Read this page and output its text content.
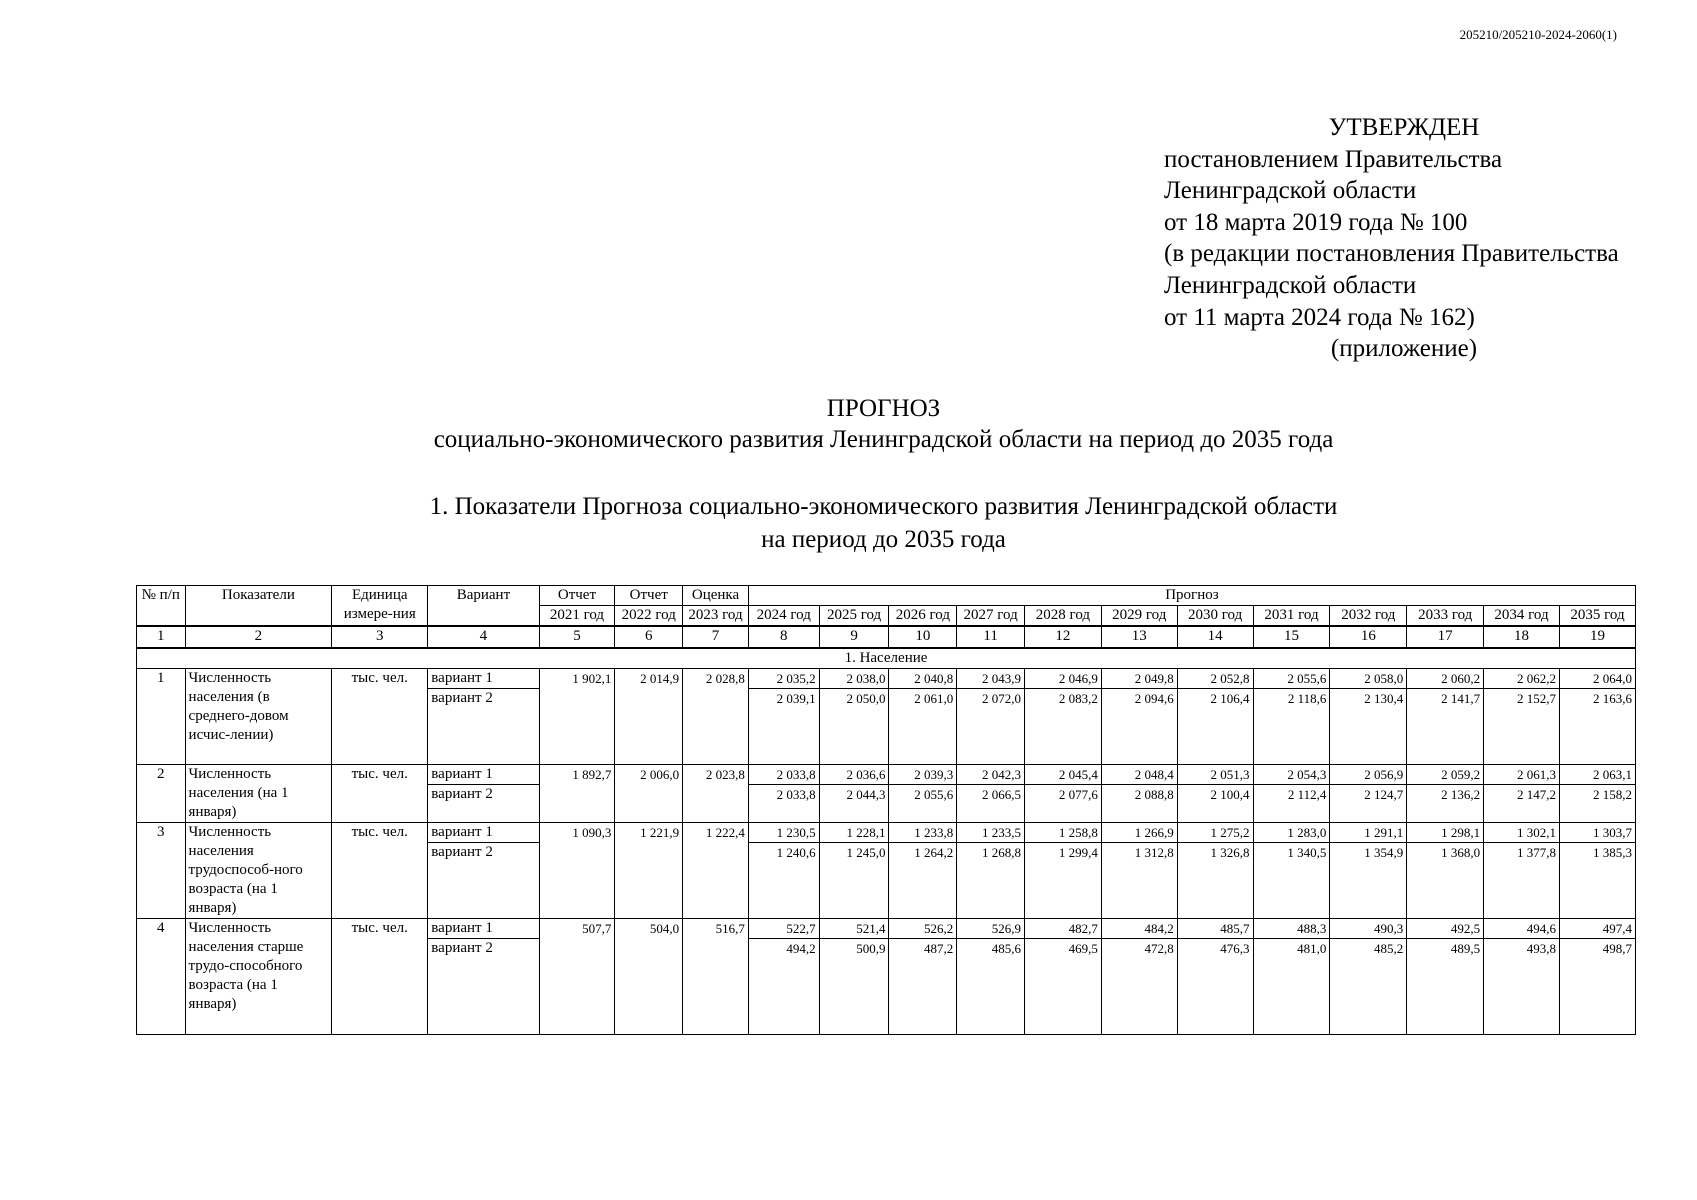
205210/205210-2024-2060(1)
УТВЕРЖДЕН
постановлением Правительства
Ленинградской области
от 18 марта 2019 года № 100
(в редакции постановления Правительства
Ленинградской области
от 11 марта 2024 года № 162)
(приложение)
ПРОГНОЗ
социально-экономического развития Ленинградской области на период до 2035 года
1. Показатели Прогноза социально-экономического развития Ленинградской области
на период до 2035 года
№ п/п	Показатели	Единица измере-ния	Вариант	Отчет	Отчет	Оценка	Прогноз											
				2021 год	2022 год	2023 год	2024 год	2025 год	2026 год	2027 год	2028 год	2029 год	2030 год	2031 год	2032 год	2033 год	2034 год	2035 год
1	2	3	4	5	6	7	8	9	10	11	12	13	14	15	16	17	18	19
1. Население																		
1	Численность населения (в среднего-довом исчис-лении)	тыс. чел.	вариант 1	1 902,1	2 014,9	2 028,8	2 035,2	2 038,0	2 040,8	2 043,9	2 046,9	2 049,8	2 052,8	2 055,6	2 058,0	2 060,2	2 062,2	2 064,0
			вариант 2				2 039,1	2 050,0	2 061,0	2 072,0	2 083,2	2 094,6	2 106,4	2 118,6	2 130,4	2 141,7	2 152,7	2 163,6
2	Численность населения (на 1 января)	тыс. чел.	вариант 1	1 892,7	2 006,0	2 023,8	2 033,8	2 036,6	2 039,3	2 042,3	2 045,4	2 048,4	2 051,3	2 054,3	2 056,9	2 059,2	2 061,3	2 063,1
			вариант 2				2 033,8	2 044,3	2 055,6	2 066,5	2 077,6	2 088,8	2 100,4	2 112,4	2 124,7	2 136,2	2 147,2	2 158,2
3	Численность населения трудоспособ-ного возраста (на 1 января)	тыс. чел.	вариант 1	1 090,3	1 221,9	1 222,4	1 230,5	1 228,1	1 233,8	1 233,5	1 258,8	1 266,9	1 275,2	1 283,0	1 291,1	1 298,1	1 302,1	1 303,7
			вариант 2				1 240,6	1 245,0	1 264,2	1 268,8	1 299,4	1 312,8	1 326,8	1 340,5	1 354,9	1 368,0	1 377,8	1 385,3
4	Численность населения старше трудо-способного возраста (на 1 января)	тыс. чел.	вариант 1	507,7	504,0	516,7	522,7	521,4	526,2	526,9	482,7	484,2	485,7	488,3	490,3	492,5	494,6	497,4
			вариант 2				494,2	500,9	487,2	485,6	469,5	472,8	476,3	481,0	485,2	489,5	493,8	498,7
